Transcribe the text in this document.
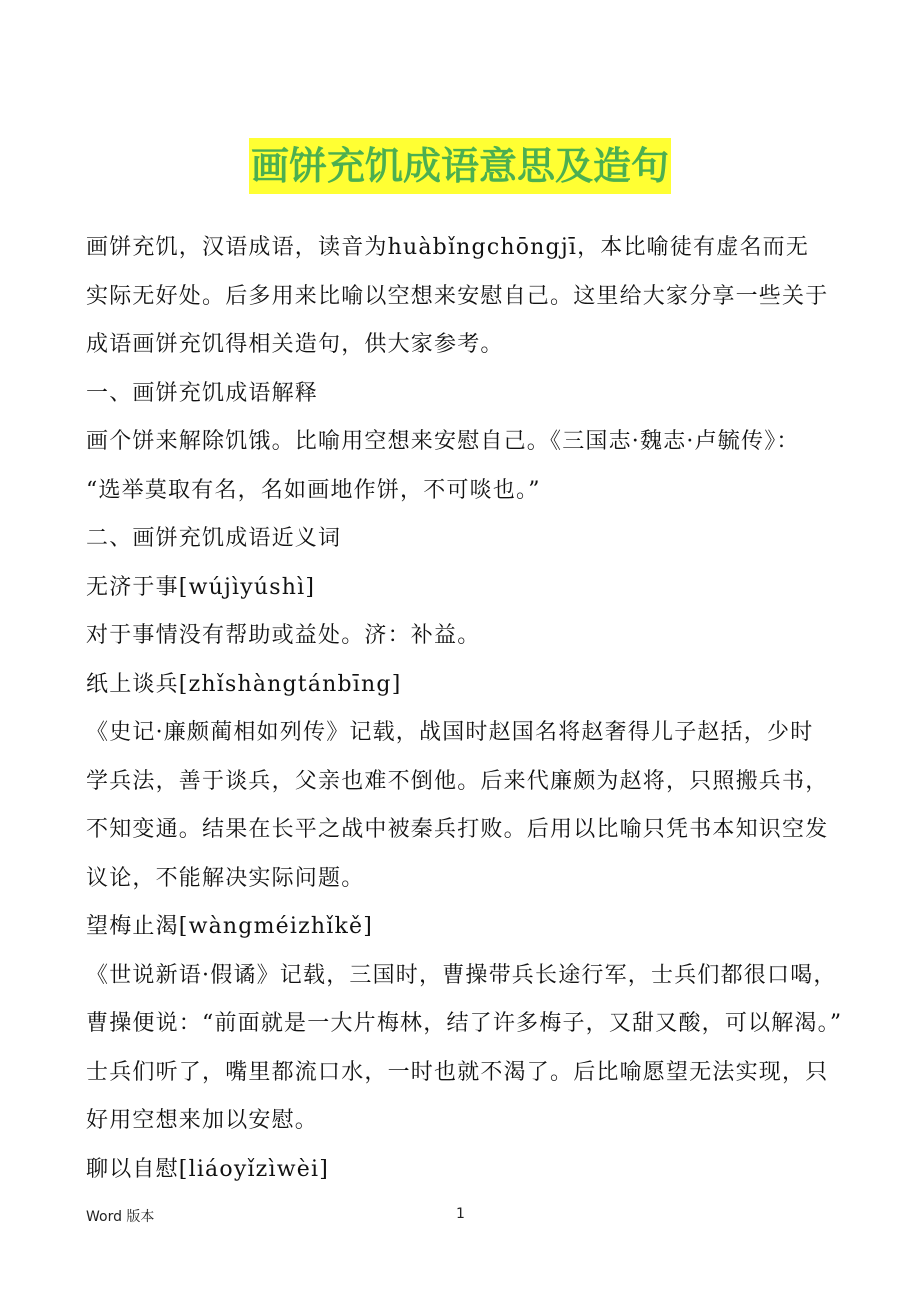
画饼充饥成语意思及造句
画饼充饥，汉语成语，读音为huàbǐngchōngjī，本比喻徒有虚名而无
实际无好处。后多用来比喻以空想来安慰自己。这里给大家分享一些关于
成语画饼充饥得相关造句，供大家参考。
一、画饼充饥成语解释
画个饼来解除饥饿。比喻用空想来安慰自己。《三国志·魏志·卢毓传》：
“选举莫取有名，名如画地作饼，不可啖也。”
二、画饼充饥成语近义词
无济于事[wújìyúshì]
对于事情没有帮助或益处。济：补益。
纸上谈兵[zhǐshàngtánbīng]
《史记·廉颇蔺相如列传》记载，战国时赵国名将赵奢得儿子赵括，少时
学兵法，善于谈兵，父亲也难不倒他。后来代廉颇为赵将，只照搬兵书，
不知变通。结果在长平之战中被秦兵打败。后用以比喻只凭书本知识空发
议论，不能解决实际问题。
望梅止渴[wàngméizhǐkě]
《世说新语·假谲》记载，三国时，曹操带兵长途行军，士兵们都很口喝，
曹操便说：“前面就是一大片梅林，结了许多梅子，又甜又酸，可以解渴。”
士兵们听了，嘴里都流口水，一时也就不渴了。后比喻愿望无法实现，只
好用空想来加以安慰。
聊以自慰[liáoyǐzìwèi]
Word 版本	1
